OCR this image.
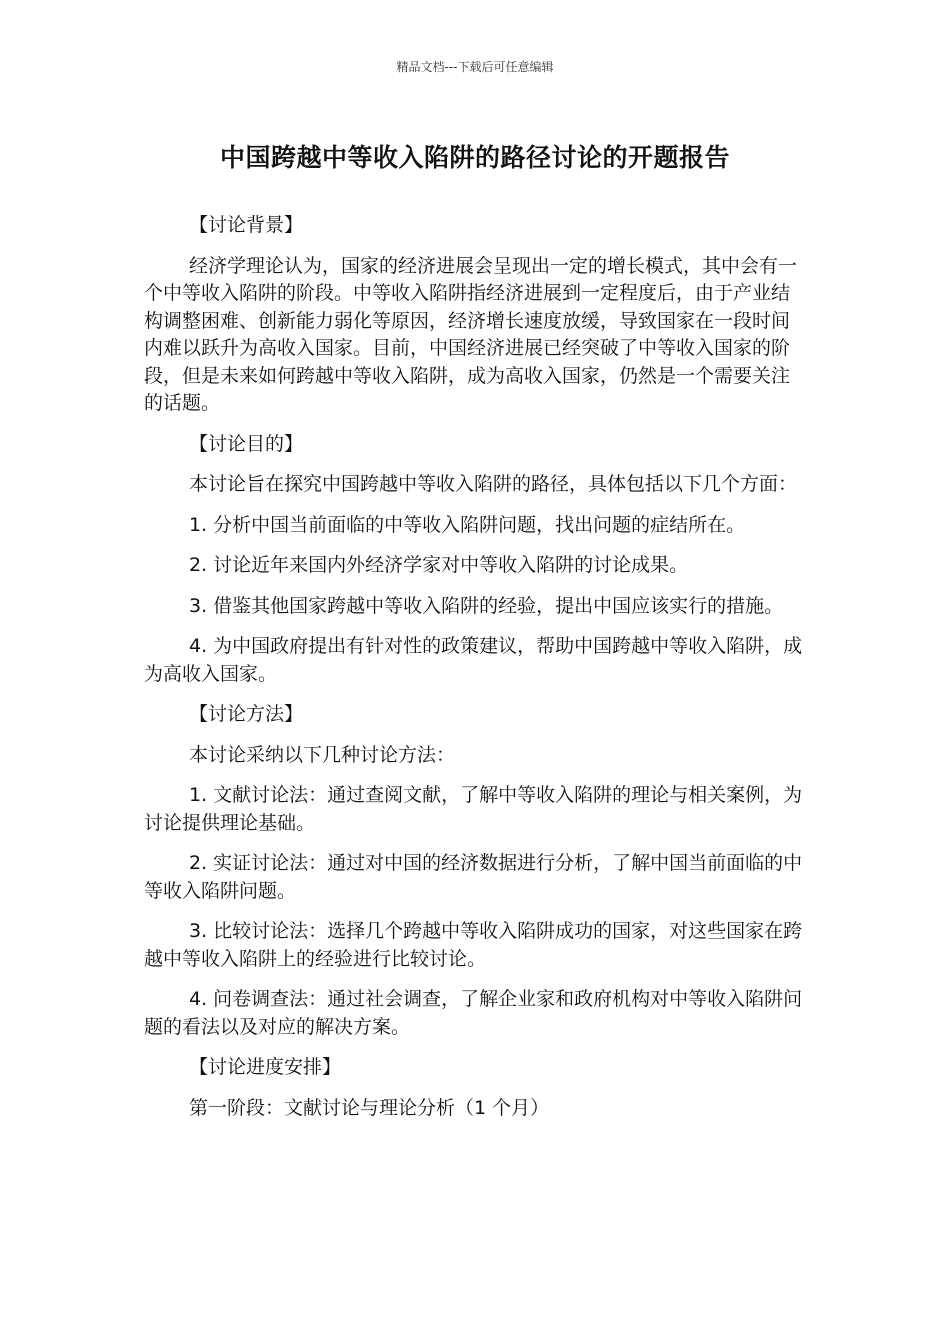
精品文档---下载后可任意编辑
中国跨越中等收入陷阱的路径讨论的开题报告

【讨论背景】

经济学理论认为，国家的经济进展会呈现出一定的增长模式，其中会有一个中等收入陷阱的阶段。中等收入陷阱指经济进展到一定程度后，由于产业结构调整困难、创新能力弱化等原因，经济增长速度放缓，导致国家在一段时间内难以跃升为高收入国家。目前，中国经济进展已经突破了中等收入国家的阶段，但是未来如何跨越中等收入陷阱，成为高收入国家，仍然是一个需要关注的话题。

【讨论目的】

本讨论旨在探究中国跨越中等收入陷阱的路径，具体包括以下几个方面：

1. 分析中国当前面临的中等收入陷阱问题，找出问题的症结所在。

2. 讨论近年来国内外经济学家对中等收入陷阱的讨论成果。

3. 借鉴其他国家跨越中等收入陷阱的经验，提出中国应该实行的措施。

4. 为中国政府提出有针对性的政策建议，帮助中国跨越中等收入陷阱，成为高收入国家。

【讨论方法】

本讨论采纳以下几种讨论方法：

1. 文献讨论法：通过查阅文献，了解中等收入陷阱的理论与相关案例，为讨论提供理论基础。

2. 实证讨论法：通过对中国的经济数据进行分析，了解中国当前面临的中等收入陷阱问题。

3. 比较讨论法：选择几个跨越中等收入陷阱成功的国家，对这些国家在跨越中等收入陷阱上的经验进行比较讨论。

4. 问卷调查法：通过社会调查，了解企业家和政府机构对中等收入陷阱问题的看法以及对应的解决方案。

【讨论进度安排】

第一阶段：文献讨论与理论分析（1 个月）
